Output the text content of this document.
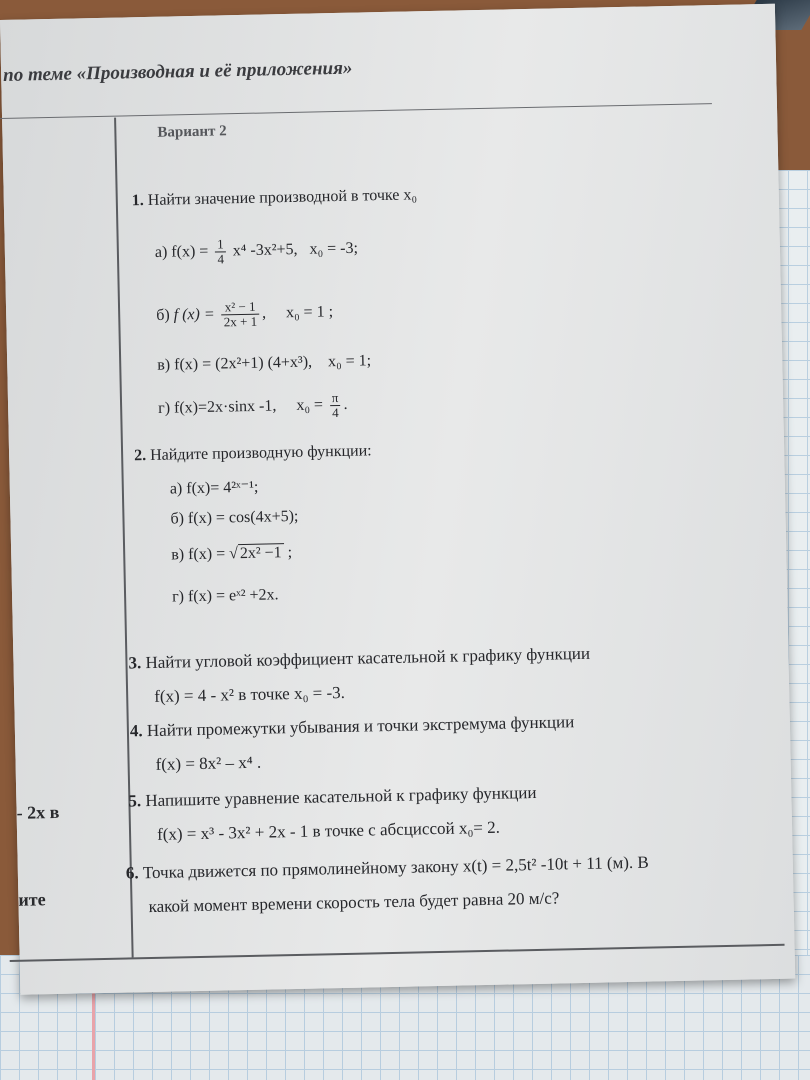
по теме «Производная и её приложения»
- 2x в
ите
Вариант 2
1. Найти значение производной в точке x₀
а) $f(x) = \frac{1}{4} x^4$ -3x²+5, x₀ = -3;
б) f $(x) = \frac{\text{x² − 1}}{2x + 1}$ , x₀ = 1 ;
в) f(x) = (2x²+1) (4+x³), x₀ = 1;
г) f(x)=2x·sinx -1, $x_0 = \frac{\pi}{4}$ .
2. Найдите производную функции:
а) f(x)= 4²ˣ⁻¹;
б) f(x) = cos(4x+5);
в) f(x) = √ 2x² −1 ;
г) f(x) = eˣ² +2x.
3. Найти угловой коэффициент касательной к графику функции
f(x) = 4 - x² в точке x₀ = -3.
4. Найти промежутки убывания и точки экстремума функции
f(x) = 8x² – x⁴ .
5. Напишите уравнение касательной к графику функции
f(x) = x³ - 3x² + 2x - 1 в точке с абсциссой x₀= 2.
6. Точка движется по прямолинейному закону x(t) = 2,5t² -10t + 11 (м). В
какой момент времени скорость тела будет равна 20 м/с?
